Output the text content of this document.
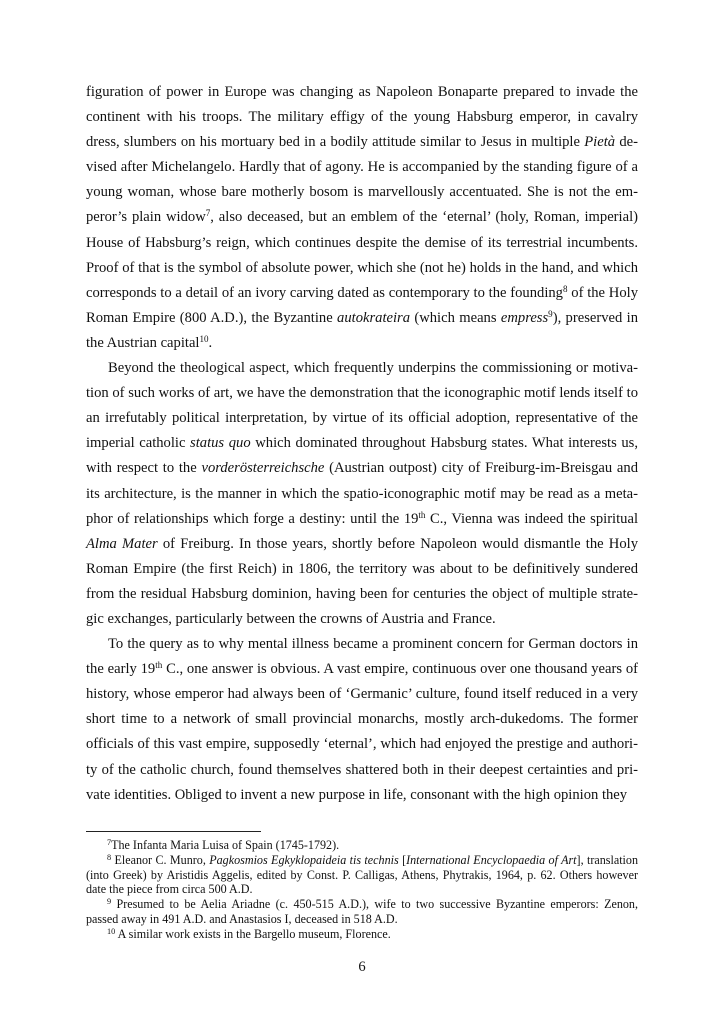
figuration of power in Europe was changing as Napoleon Bonaparte prepared to invade the continent with his troops. The military effigy of the young Habsburg emperor, in cavalry dress, slumbers on his mortuary bed in a bodily attitude similar to Jesus in multiple Pietà devised after Michelangelo. Hardly that of agony. He is accompanied by the standing figure of a young woman, whose bare motherly bosom is marvellously accentuated. She is not the emperor’s plain widow$^7$, also deceased, but an emblem of the ‘eternal’ (holy, Roman, imperial) House of Habsburg’s reign, which continues despite the demise of its terrestrial incumbents. Proof of that is the symbol of absolute power, which she (not he) holds in the hand, and which corresponds to a detail of an ivory carving dated as contemporary to the founding$^8$ of the Holy Roman Empire (800 A.D.), the Byzantine autokrateira (which means empress$^9$), preserved in the Austrian capital$^{10}$.

Beyond the theological aspect, which frequently underpins the commissioning or motivation of such works of art, we have the demonstration that the iconographic motif lends itself to an irrefutably political interpretation, by virtue of its official adoption, representative of the imperial catholic status quo which dominated throughout Habsburg states. What interests us, with respect to the vorderösterreichsche (Austrian outpost) city of Freiburg-im-Breisgau and its architecture, is the manner in which the spatio-iconographic motif may be read as a metaphor of relationships which forge a destiny: until the 19th C., Vienna was indeed the spiritual Alma Mater of Freiburg. In those years, shortly before Napoleon would dismantle the Holy Roman Empire (the first Reich) in 1806, the territory was about to be definitively sundered from the residual Habsburg dominion, having been for centuries the object of multiple strategic exchanges, particularly between the crowns of Austria and France.

To the query as to why mental illness became a prominent concern for German doctors in the early 19th C., one answer is obvious. A vast empire, continuous over one thousand years of history, whose emperor had always been of ‘Germanic’ culture, found itself reduced in a very short time to a network of small provincial monarchs, mostly arch-dukedoms. The former officials of this vast empire, supposedly ‘eternal’, which had enjoyed the prestige and authority of the catholic church, found themselves shattered both in their deepest certainties and private identities. Obliged to invent a new purpose in life, consonant with the high opinion they

$^7$The Infanta Maria Luisa of Spain (1745-1792).

$^8$ Eleanor C. Munro, Pagkosmios Egkyklopaideia tis technis [International Encyclopaedia of Art], translation (into Greek) by Aristidis Aggelis, edited by Const. P. Calligas, Athens, Phytrakis, 1964, p. 62. Others however date the piece from circa 500 A.D.

$^9$ Presumed to be Aelia Ariadne (c. 450-515 A.D.), wife to two successive Byzantine emperors: Zenon, passed away in 491 A.D. and Anastasios I, deceased in 518 A.D.

$^{10}$ A similar work exists in the Bargello museum, Florence.

6
